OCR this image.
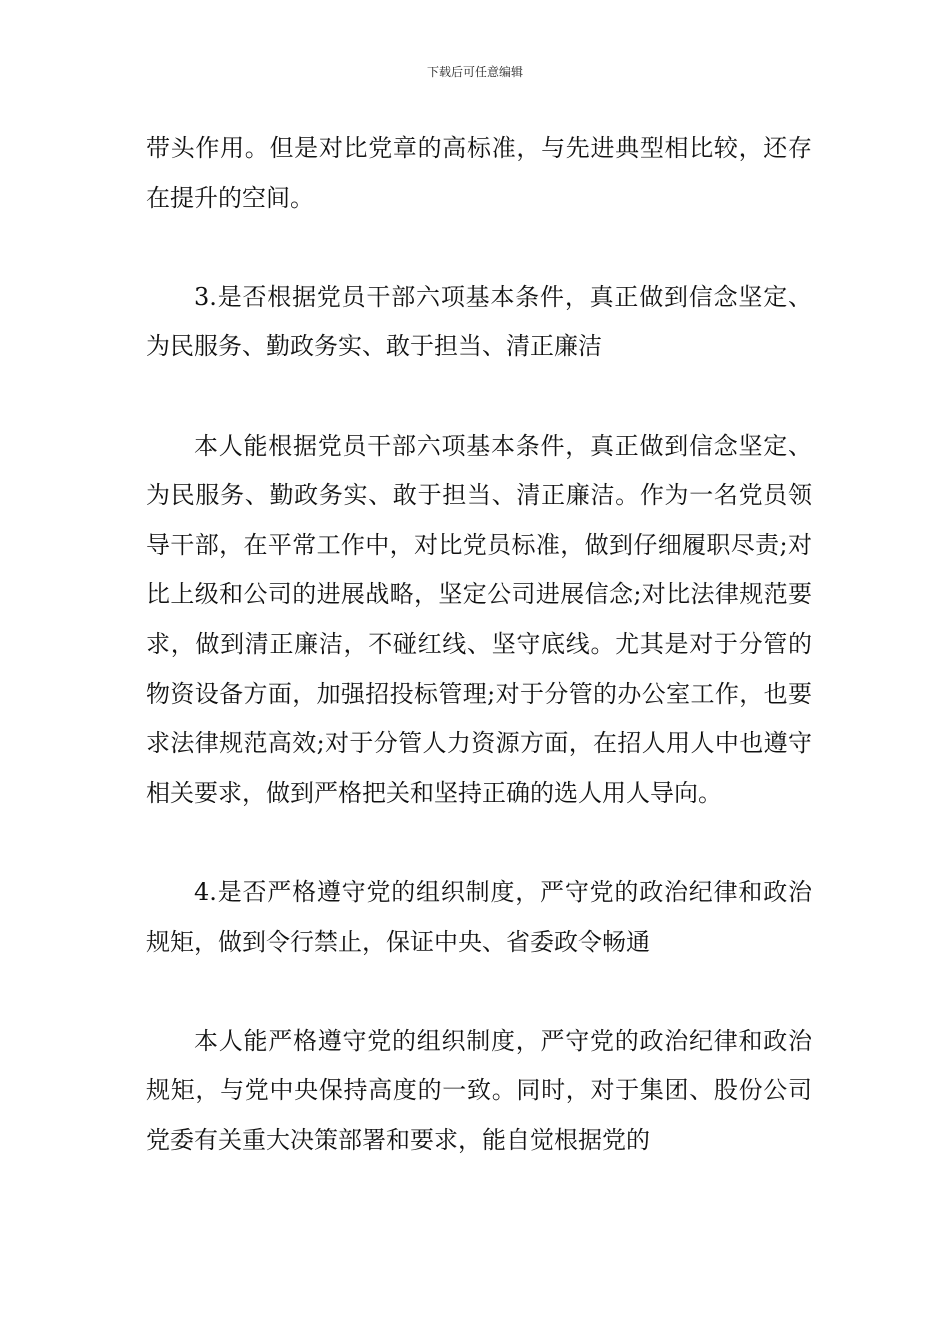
下载后可任意编辑

带头作用。但是对比党章的高标准，与先进典型相比较，还存在提升的空间。

3.是否根据党员干部六项基本条件，真正做到信念坚定、为民服务、勤政务实、敢于担当、清正廉洁

本人能根据党员干部六项基本条件，真正做到信念坚定、为民服务、勤政务实、敢于担当、清正廉洁。作为一名党员领导干部，在平常工作中，对比党员标准，做到仔细履职尽责;对比上级和公司的进展战略，坚定公司进展信念;对比法律规范要求，做到清正廉洁，不碰红线、坚守底线。尤其是对于分管的物资设备方面，加强招投标管理;对于分管的办公室工作，也要求法律规范高效;对于分管人力资源方面，在招人用人中也遵守相关要求，做到严格把关和坚持正确的选人用人导向。

4.是否严格遵守党的组织制度，严守党的政治纪律和政治规矩，做到令行禁止，保证中央、省委政令畅通

本人能严格遵守党的组织制度，严守党的政治纪律和政治规矩，与党中央保持高度的一致。同时，对于集团、股份公司党委有关重大决策部署和要求，能自觉根据党的
